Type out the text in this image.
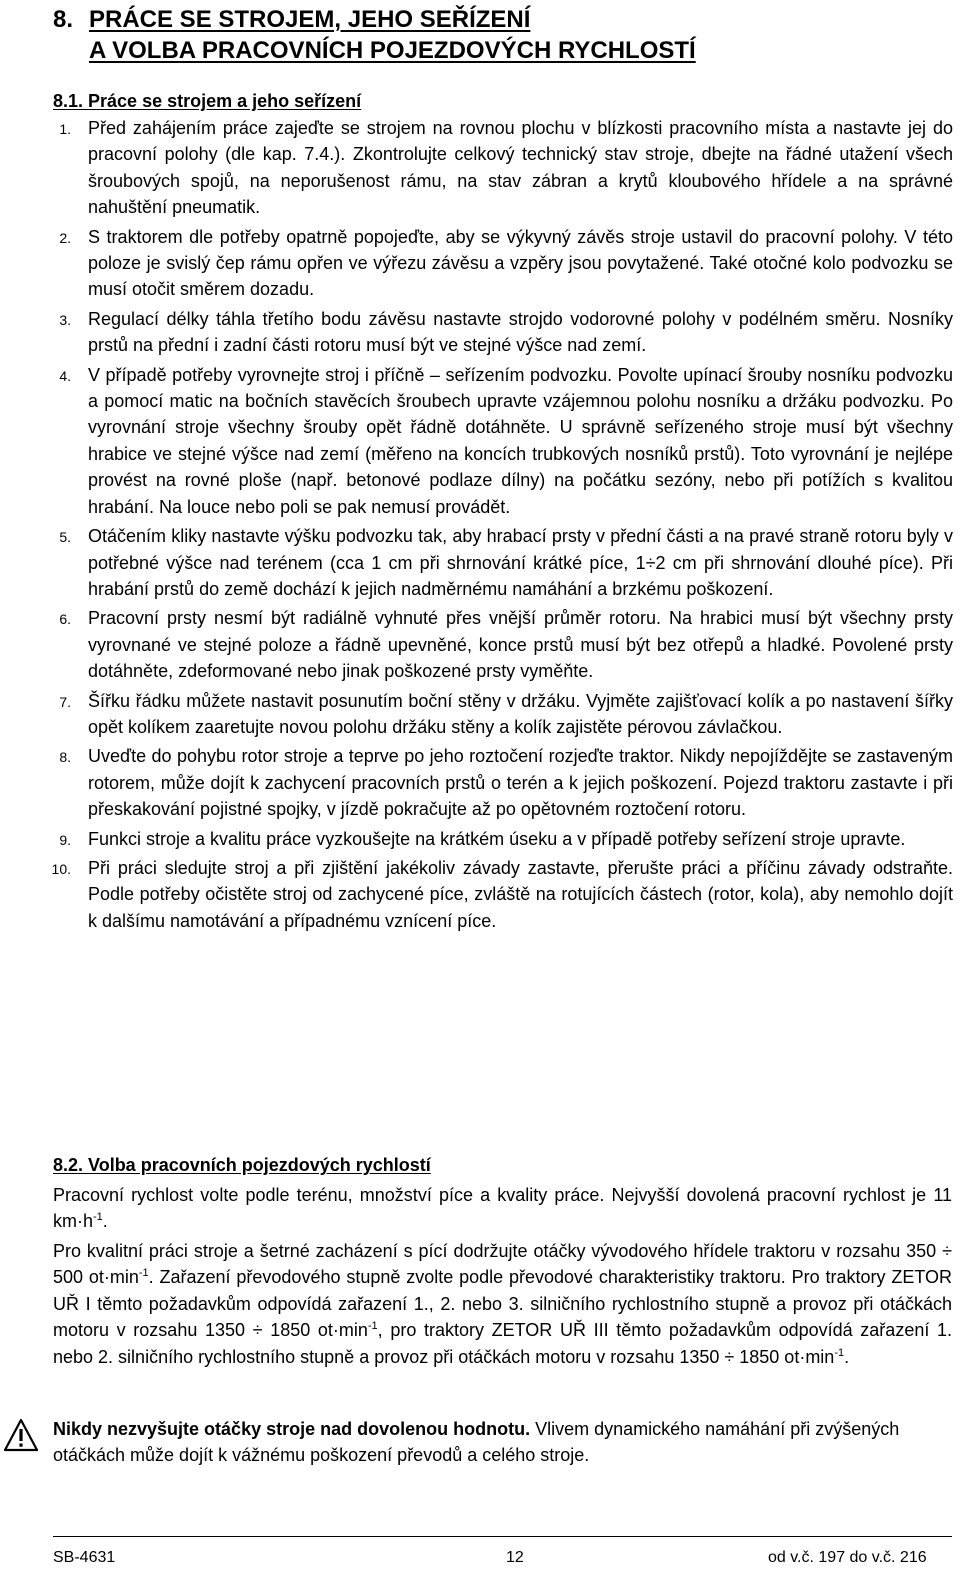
8. PRÁCE SE STROJEM, JEHO SEŘÍZENÍ
A VOLBA PRACOVNÍCH POJEZDOVÝCH RYCHLOSTÍ
8.1. Práce se strojem a jeho seřízení
1. Před zahájením práce zajeďte se strojem na rovnou plochu v blízkosti pracovního místa a nastavte jej do pracovní polohy (dle kap. 7.4.). Zkontrolujte celkový technický stav stroje, dbejte na řádné utažení všech šroubových spojů, na neporušenost rámu, na stav zábran a krytů kloubového hřídele a na správné nahuštění pneumatik.
2. S traktorem dle potřeby opatrně popojeďte, aby se výkyvný závěs stroje ustavil do pracovní polohy. V této poloze je svislý čep rámu opřen ve výřezu závěsu a vzpěry jsou povytažené. Také otočné kolo podvozku se musí otočit směrem dozadu.
3. Regulací délky táhla třetího bodu závěsu nastavte strojdo vodorovné polohy v podélném směru. Nosníky prstů na přední i zadní části rotoru musí být ve stejné výšce nad zemí.
4. V případě potřeby vyrovnejte stroj i příčně – seřízením podvozku. Povolte upínací šrouby nosníku podvozku a pomocí matic na bočních stavěcích šroubech upravte vzájemnou polohu nosníku a držáku podvozku. Po vyrovnání stroje všechny šrouby opět řádně dotáhněte. U správně seřízeného stroje musí být všechny hrabice ve stejné výšce nad zemí (měřeno na koncích trubkových nosníků prstů). Toto vyrovnání je nejlépe provést na rovné ploše (např. betonové podlaze dílny) na počátku sezóny, nebo při potížích s kvalitou hrabání. Na louce nebo poli se pak nemusí provádět.
5. Otáčením kliky nastavte výšku podvozku tak, aby hrabací prsty v přední části a na pravé straně rotoru byly v potřebné výšce nad terénem (cca 1 cm při shrnování krátké píce, 1÷2 cm při shrnování dlouhé píce). Při hrabání prstů do země dochází k jejich nadměrnému namáhání a brzkému poškození.
6. Pracovní prsty nesmí být radiálně vyhnuté přes vnější průměr rotoru. Na hrabici musí být všechny prsty vyrovnané ve stejné poloze a řádně upevněné, konce prstů musí být bez otřepů a hladké. Povolené prsty dotáhněte, zdeformované nebo jinak poškozené prsty vyměňte.
7. Šířku řádku můžete nastavit posunutím boční stěny v držáku. Vyjměte zajišťovací kolík a po nastavení šířky opět kolíkem zaaretujte novou polohu držáku stěny a kolík zajistěte pérovou závlačkou.
8. Uveďte do pohybu rotor stroje a teprve po jeho roztočení rozjeďte traktor. Nikdy nepojíždějte se zastaveným rotorem, může dojít k zachycení pracovních prstů o terén a k jejich poškození. Pojezd traktoru zastavte i při přeskakování pojistné spojky, v jízdě pokračujte až po opětovném roztočení rotoru.
9. Funkci stroje a kvalitu práce vyzkoušejte na krátkém úseku a v případě potřeby seřízení stroje upravte.
10. Při práci sledujte stroj a při zjištění jakékoliv závady zastavte, přerušte práci a příčinu závady odstraňte. Podle potřeby očistěte stroj od zachycené píce, zvláště na rotujících částech (rotor, kola), aby nemohlo dojít k dalšímu namotávání a případnému vznícení píce.
8.2. Volba pracovních pojezdových rychlostí

Pracovní rychlost volte podle terénu, množství píce a kvality práce. Nejvyšší dovolená pracovní rychlost je 11 $km\cdot h^{-1}$.

Pro kvalitní práci stroje a šetrné zacházení s pící dodržujte otáčky vývodového hřídele traktoru v rozsahu 350 ÷ 500 $ot\cdot\min^{-1}$. Zařazení převodového stupně zvolte podle převodové charakteristiky traktoru. Pro traktory ZETOR UŘ I těmto požadavkům odpovídá zařazení 1., 2. nebo 3. silničního rychlostního stupně a provoz při otáčkách motoru v rozsahu 1350 ÷ 1850 $ot\cdot\min^{-1}$, pro traktory ZETOR UŘ III těmto požadavkům odpovídá zařazení 1. nebo 2. silničního rychlostního stupně a provoz při otáčkách motoru v rozsahu 1350 ÷ 1850 $ot\cdot\min^{-1}$.

Nikdy nezvyšujte otáčky stroje nad dovolenou hodnotu. Vlivem dynamického namáhání při zvýšených otáčkách může dojít k vážnému poškození převodů a celého stroje.

SB-4631	12	od v.č. 197 do v.č. 216
